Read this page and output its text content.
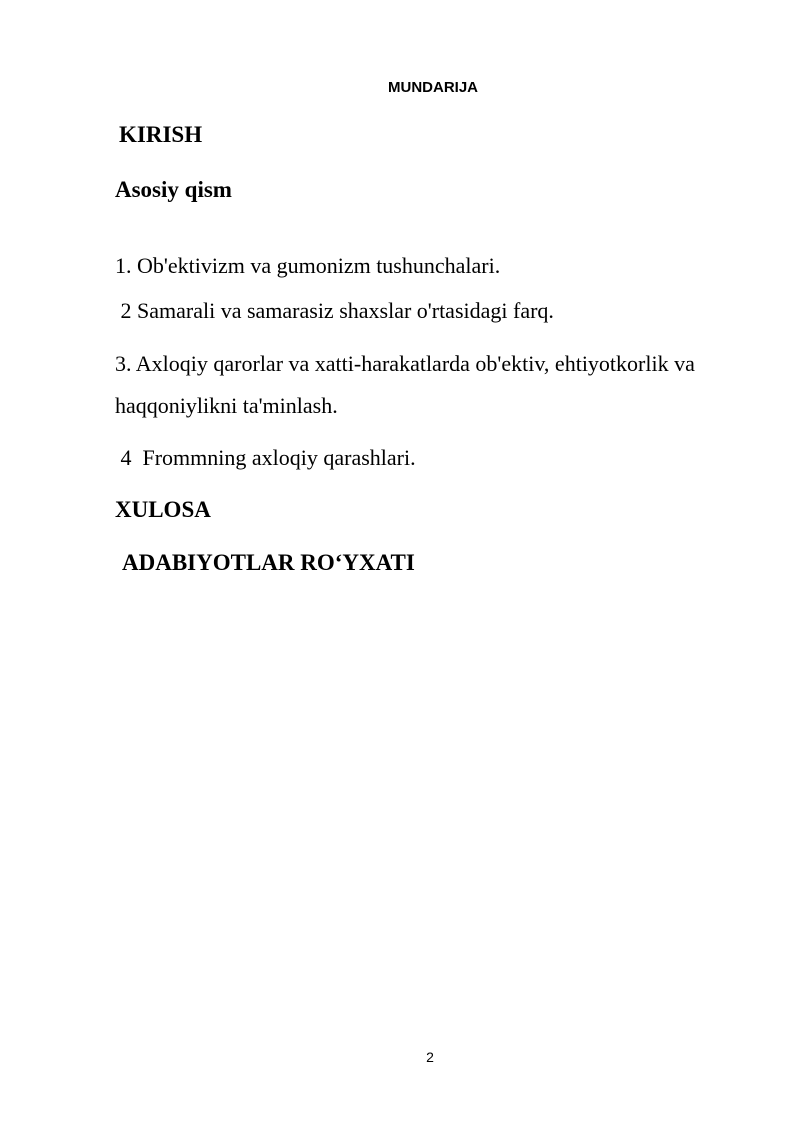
MUNDARIJA
KIRISH
Asosiy qism
1. Ob'ektivizm va gumonizm tushunchalari.
2 Samarali va samarasiz shaxslar o'rtasidagi farq.
3. Axloqiy qarorlar va xatti-harakatlarda ob'ektiv, ehtiyotkorlik va haqqoniylikni ta'minlash.
4  Frommning axloqiy qarashlari.
XULOSA
ADABIYOTLAR RO‘YXATI
2
